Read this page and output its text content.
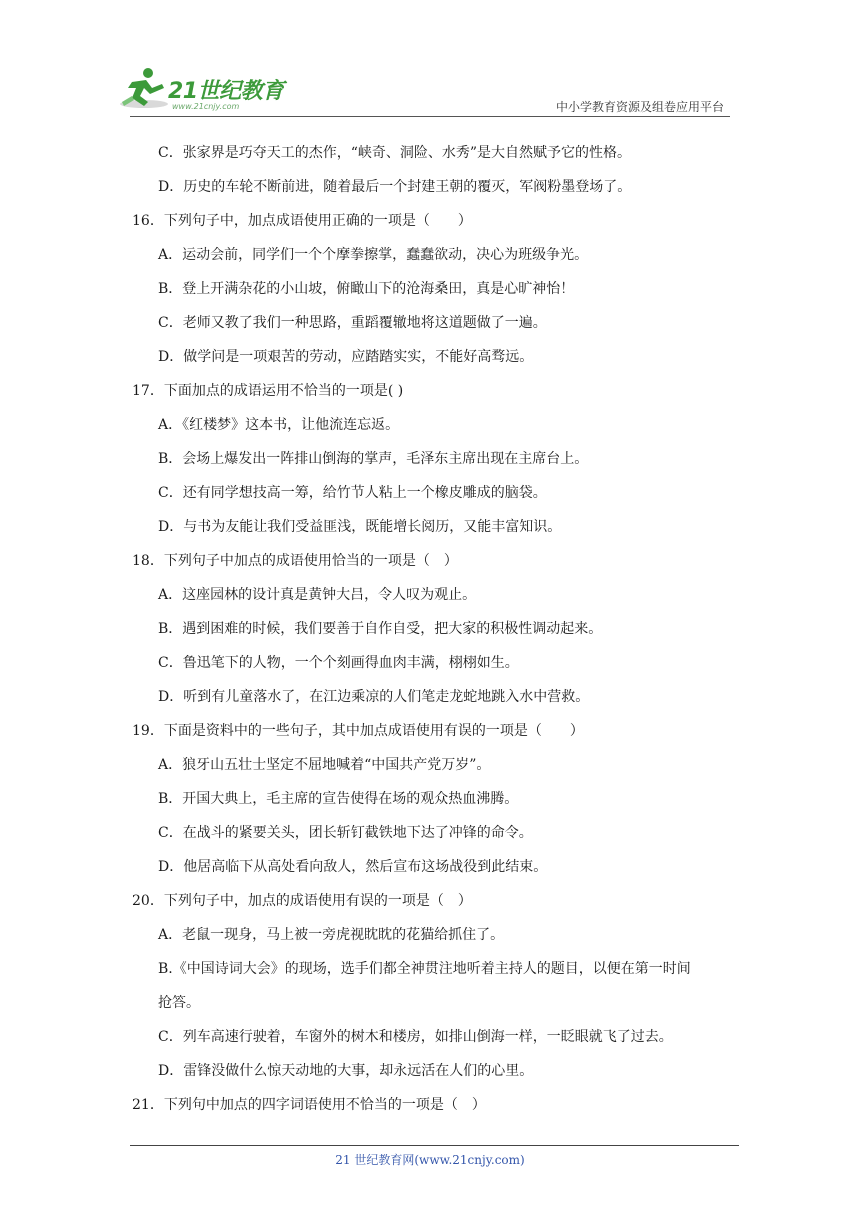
21世纪教育
www.21cnjy.com	中小学教育资源及组卷应用平台
C．张家界是巧夺天工的杰作，“峡奇、洞险、水秀”是大自然赋予它的性格。
D．历史的车轮不断前进，随着最后一个封建王朝的覆灭，军阀粉墨登场了。
16．下列句子中，加点成语使用正确的一项是（　　）
A．运动会前，同学们一个个摩拳擦掌，蠢蠢欲动，决心为班级争光。
B．登上开满杂花的小山坡，俯瞰山下的沧海桑田，真是心旷神怡！
C．老师又教了我们一种思路，重蹈覆辙地将这道题做了一遍。
D．做学问是一项艰苦的劳动，应踏踏实实，不能好高骛远。
17．下面加点的成语运用不恰当的一项是( )
A．《红楼梦》这本书，让他流连忘返。
B．会场上爆发出一阵排山倒海的掌声，毛泽东主席出现在主席台上。
C．还有同学想技高一筹，给竹节人粘上一个橡皮雕成的脑袋。
D．与书为友能让我们受益匪浅，既能增长阅历，又能丰富知识。
18．下列句子中加点的成语使用恰当的一项是（　）
A．这座园林的设计真是黄钟大吕，令人叹为观止。
B．遇到困难的时候，我们要善于自作自受，把大家的积极性调动起来。
C．鲁迅笔下的人物，一个个刻画得血肉丰满，栩栩如生。
D．听到有儿童落水了，在江边乘凉的人们笔走龙蛇地跳入水中营救。
19．下面是资料中的一些句子，其中加点成语使用有误的一项是（　　）
A．狼牙山五壮士坚定不屈地喊着“中国共产党万岁”。
B．开国大典上，毛主席的宣告使得在场的观众热血沸腾。
C．在战斗的紧要关头，团长斩钉截铁地下达了冲锋的命令。
D．他居高临下从高处看向敌人，然后宣布这场战役到此结束。
20．下列句子中，加点的成语使用有误的一项是（　）
A．老鼠一现身，马上被一旁虎视眈眈的花猫给抓住了。
B.《中国诗词大会》的现场，选手们都全神贯注地听着主持人的题目，以便在第一时间
抢答。
C．列车高速行驶着，车窗外的树木和楼房，如排山倒海一样，一眨眼就飞了过去。
D．雷锋没做什么惊天动地的大事，却永远活在人们的心里。
21．下列句中加点的四字词语使用不恰当的一项是（　）
21 世纪教育网(www.21cnjy.com)
